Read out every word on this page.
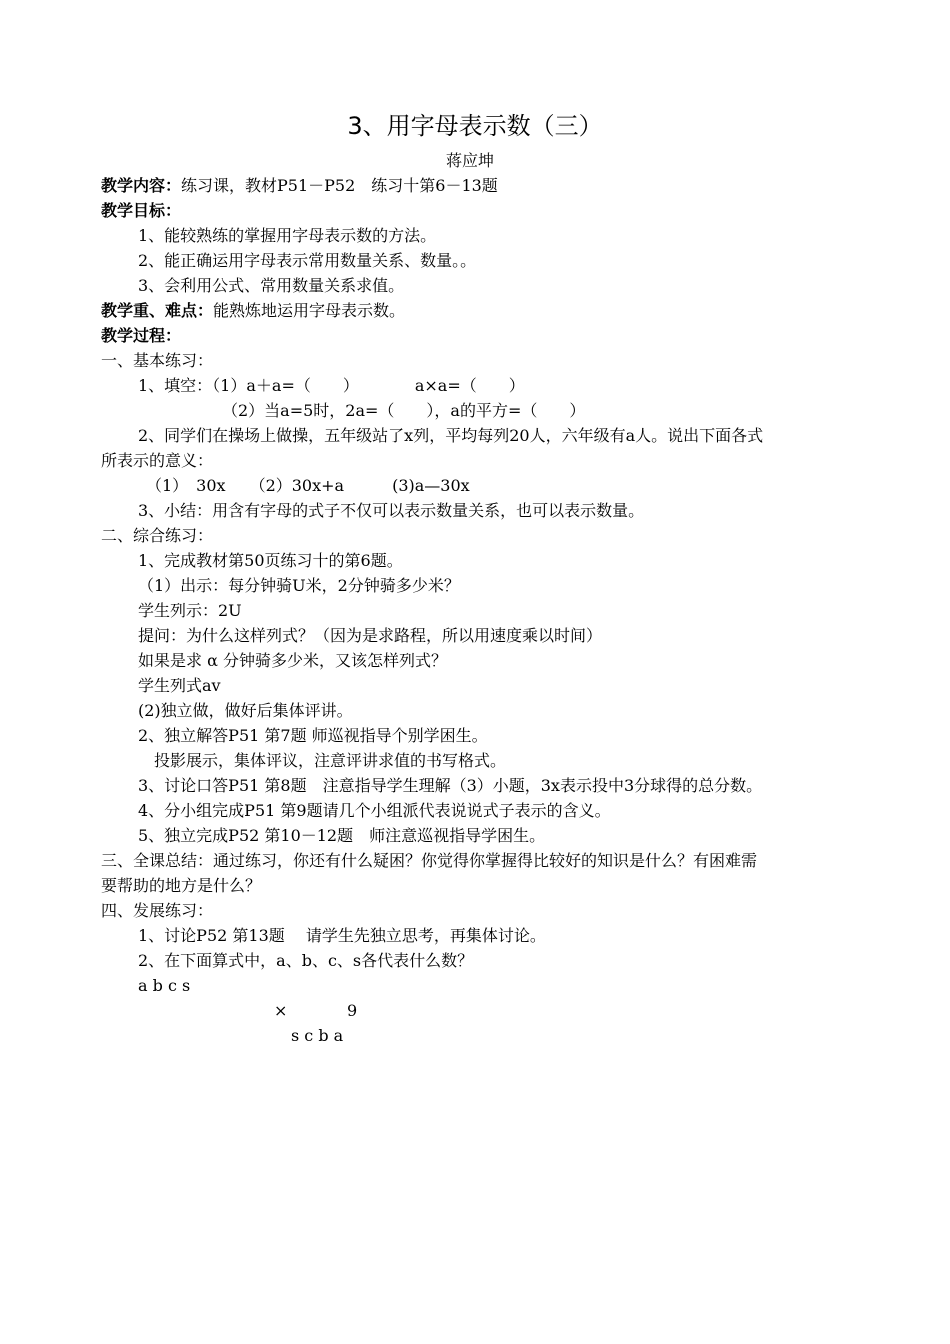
3、用字母表示数（三）
蒋应坤
教学内容：练习课，教材P51－P52　练习十第6－13题
教学目标：
1、能较熟练的掌握用字母表示数的方法。
2、能正确运用字母表示常用数量关系、数量。。
3、会利用公式、常用数量关系求值。
教学重、难点：能熟炼地运用字母表示数。
教学过程：
一、基本练习：
1、填空：（1）a＋a=（　　）　　　　a×a=（　　）
（2）当a=5时，2a=（　　），a的平方=（　　）
2、同学们在操场上做操，五年级站了x列，平均每列20人，六年级有a人。说出下面各式
所表示的意义：
（1）　30x　　（2）30x+a　　　(3)a—30x
3、小结：用含有字母的式子不仅可以表示数量关系，也可以表示数量。
二、综合练习：
1、完成教材第50页练习十的第6题。
（1）出示：每分钟骑U米，2分钟骑多少米？
学生列示：2U
提问：为什么这样列式？（因为是求路程，所以用速度乘以时间）
如果是求 α 分钟骑多少米，又该怎样列式？
学生列式av
(2)独立做，做好后集体评讲。
2、独立解答P51 第7题 师巡视指导个别学困生。
　投影展示，集体评议，注意评讲求值的书写格式。
3、讨论口答P51 第8题　注意指导学生理解（3）小题，3x表示投中3分球得的总分数。
4、分小组完成P51 第9题请几个小组派代表说说式子表示的含义。
5、独立完成P52 第10－12题　师注意巡视指导学困生。
三、全课总结：通过练习，你还有什么疑困？你觉得你掌握得比较好的知识是什么？有困难需
要帮助的地方是什么？
四、发展练习：
1、讨论P52 第13题　 请学生先独立思考，再集体讨论。
2、在下面算式中，a、b、c、s各代表什么数？
a b c s
×	9
s c b a
